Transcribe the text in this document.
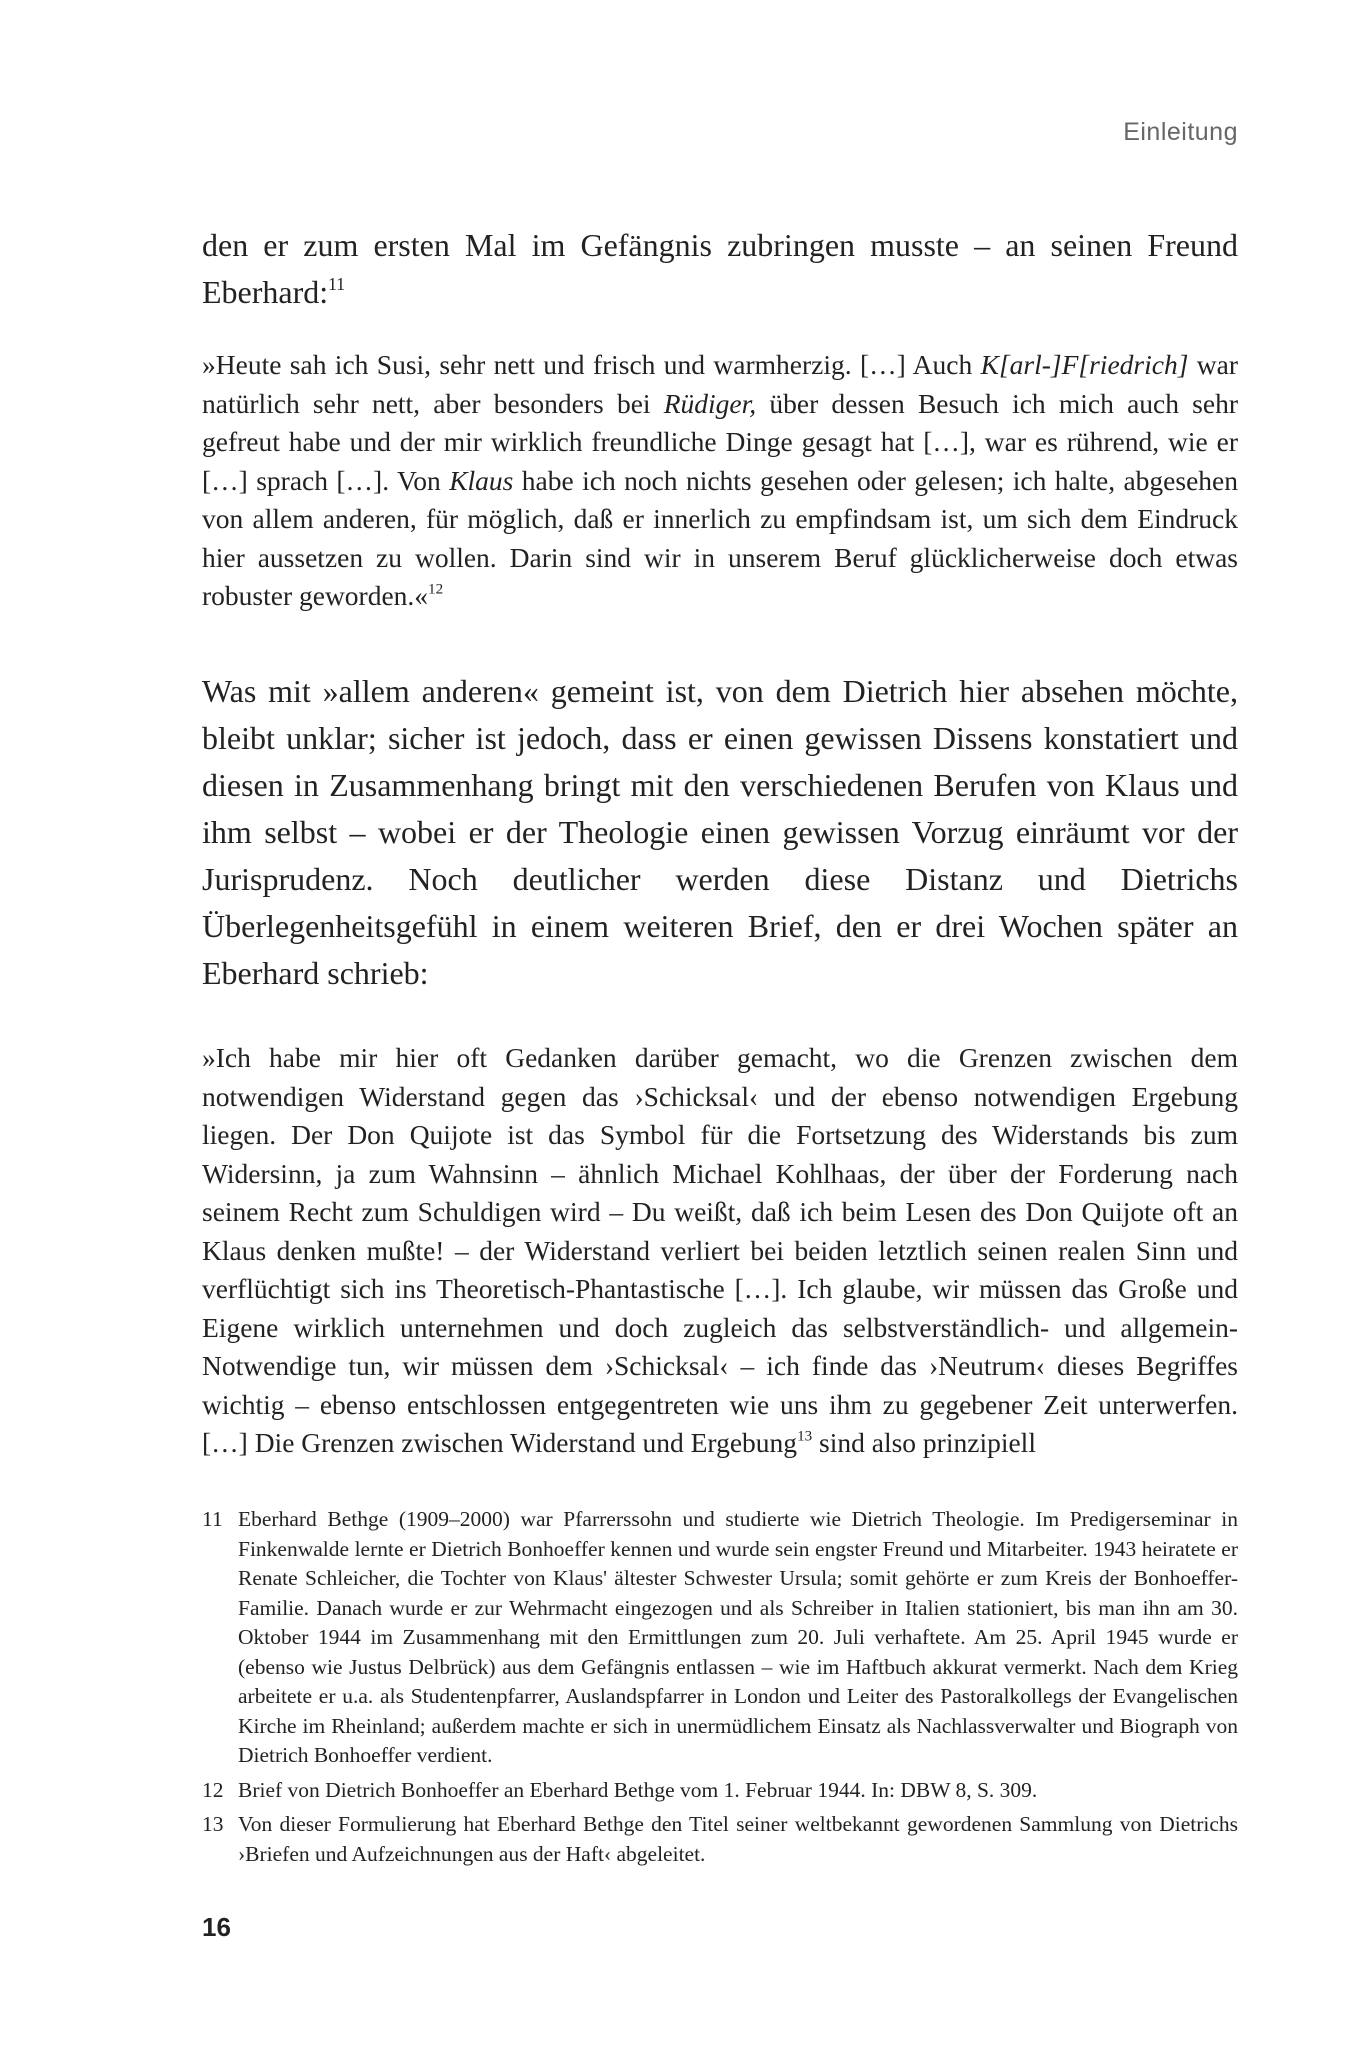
Einleitung

den er zum ersten Mal im Gefängnis zubringen musste – an seinen Freund Eberhard:$^{11}$

»Heute sah ich Susi, sehr nett und frisch und warmherzig. […] Auch K[arl-]F[riedrich] war natürlich sehr nett, aber besonders bei Rüdiger, über dessen Besuch ich mich auch sehr gefreut habe und der mir wirklich freundliche Dinge gesagt hat […], war es rührend, wie er […] sprach […]. Von Klaus habe ich noch nichts gesehen oder gelesen; ich halte, abgesehen von allem anderen, für möglich, daß er innerlich zu empfindsam ist, um sich dem Eindruck hier aussetzen zu wollen. Darin sind wir in unserem Beruf glücklicherweise doch etwas robuster geworden.«$^{12}$

Was mit »allem anderen« gemeint ist, von dem Dietrich hier absehen möchte, bleibt unklar; sicher ist jedoch, dass er einen gewissen Dissens konstatiert und diesen in Zusammenhang bringt mit den verschiedenen Berufen von Klaus und ihm selbst – wobei er der Theologie einen gewissen Vorzug einräumt vor der Jurisprudenz. Noch deutlicher werden diese Distanz und Dietrichs Überlegenheitsgefühl in einem weiteren Brief, den er drei Wochen später an Eberhard schrieb:

»Ich habe mir hier oft Gedanken darüber gemacht, wo die Grenzen zwischen dem notwendigen Widerstand gegen das ›Schicksal‹ und der ebenso notwendigen Ergebung liegen. Der Don Quijote ist das Symbol für die Fortsetzung des Widerstands bis zum Widersinn, ja zum Wahnsinn – ähnlich Michael Kohlhaas, der über der Forderung nach seinem Recht zum Schuldigen wird – Du weißt, daß ich beim Lesen des Don Quijote oft an Klaus denken mußte! – der Widerstand verliert bei beiden letztlich seinen realen Sinn und verflüchtigt sich ins Theoretisch-Phantastische […]. Ich glaube, wir müssen das Große und Eigene wirklich unternehmen und doch zugleich das selbstverständlich- und allgemein-Notwendige tun, wir müssen dem ›Schicksal‹ – ich finde das ›Neutrum‹ dieses Begriffes wichtig – ebenso entschlossen entgegentreten wie uns ihm zu gegebener Zeit unterwerfen. […] Die Grenzen zwischen Widerstand und Ergebung$^{13}$ sind also prinzipiell

11 Eberhard Bethge (1909–2000) war Pfarrerssohn und studierte wie Dietrich Theologie. Im Predigerseminar in Finkenwalde lernte er Dietrich Bonhoeffer kennen und wurde sein engster Freund und Mitarbeiter. 1943 heiratete er Renate Schleicher, die Tochter von Klaus' ältester Schwester Ursula; somit gehörte er zum Kreis der Bonhoeffer-Familie. Danach wurde er zur Wehrmacht eingezogen und als Schreiber in Italien stationiert, bis man ihn am 30. Oktober 1944 im Zusammenhang mit den Ermittlungen zum 20. Juli verhaftete. Am 25. April 1945 wurde er (ebenso wie Justus Delbrück) aus dem Gefängnis entlassen – wie im Haftbuch akkurat vermerkt. Nach dem Krieg arbeitete er u.a. als Studentenpfarrer, Auslandspfarrer in London und Leiter des Pastoralkollegs der Evangelischen Kirche im Rheinland; außerdem machte er sich in unermüdlichem Einsatz als Nachlassverwalter und Biograph von Dietrich Bonhoeffer verdient.
12 Brief von Dietrich Bonhoeffer an Eberhard Bethge vom 1. Februar 1944. In: DBW 8, S. 309.
13 Von dieser Formulierung hat Eberhard Bethge den Titel seiner weltbekannt gewordenen Sammlung von Dietrichs ›Briefen und Aufzeichnungen aus der Haft‹ abgeleitet.
16
